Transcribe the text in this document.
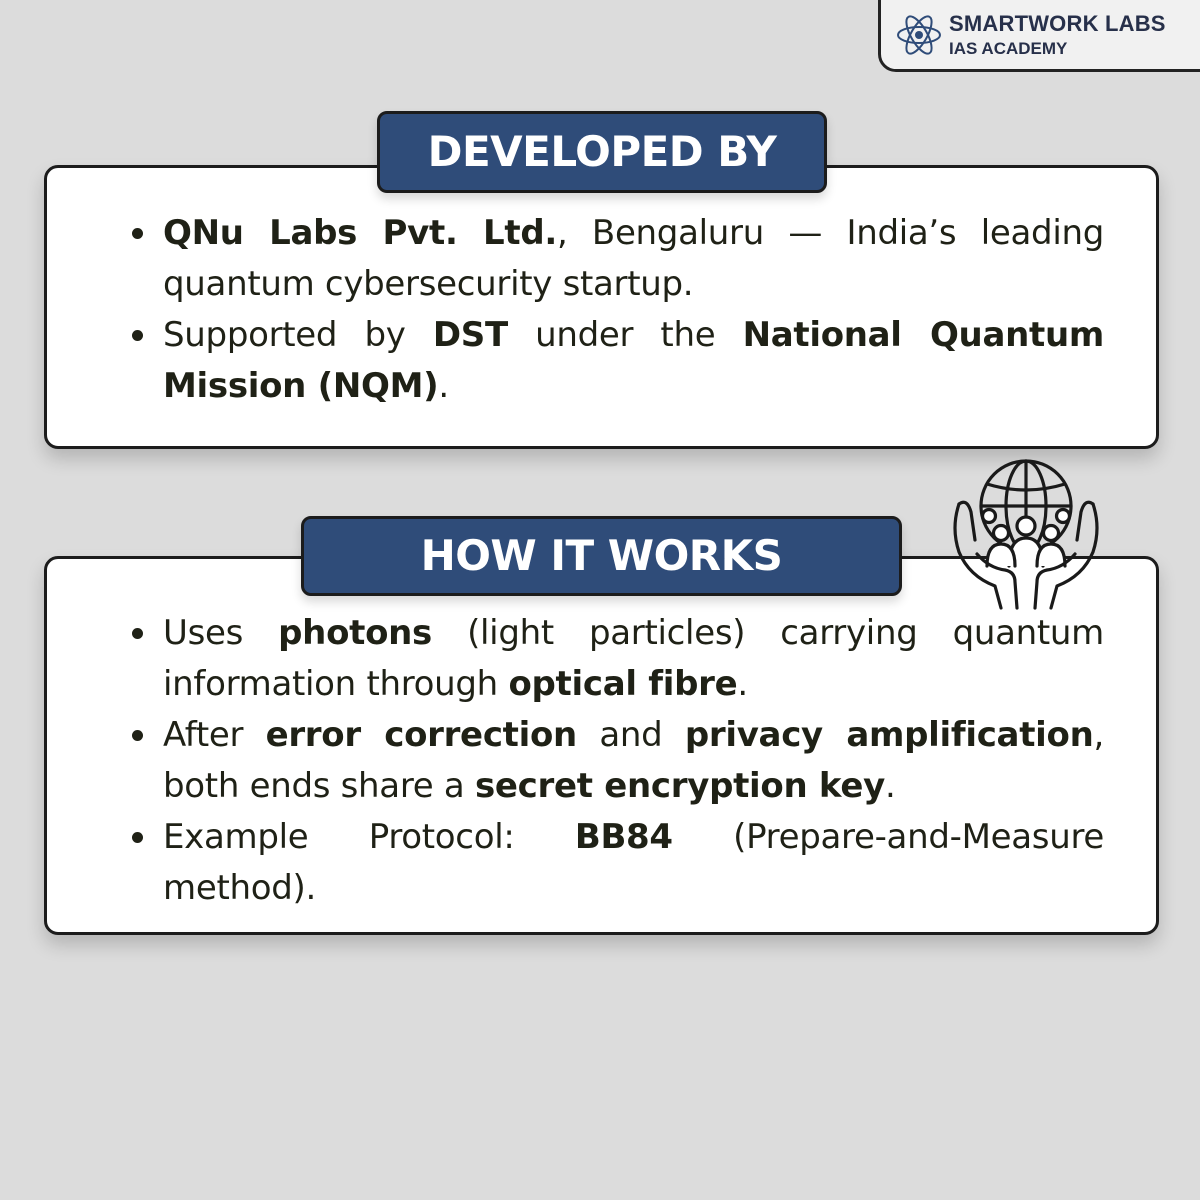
SMARTWORK LABS
IAS ACADEMY
DEVELOPED BY
QNu Labs Pvt. Ltd., Bengaluru — India’s leading quantum cybersecurity startup.
Supported by DST under the National Quantum Mission (NQM).
HOW IT WORKS
Uses photons (light particles) carrying quantum information through optical fibre.
After error correction and privacy amplification, both ends share a secret encryption key.
Example Protocol: BB84 (Prepare-and-Measure method).
